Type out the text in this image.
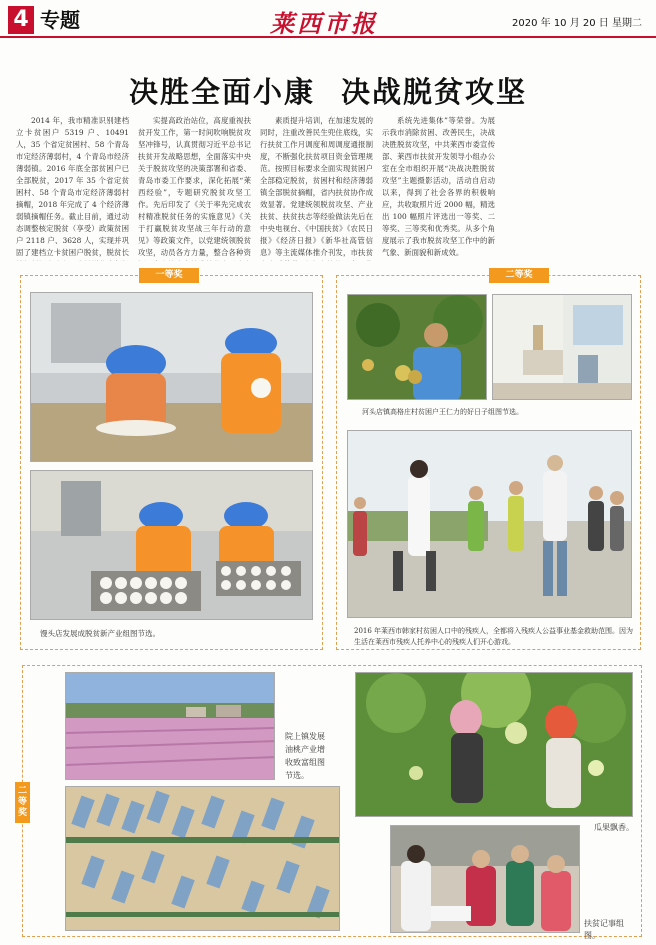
4 专题	莱西市报	2020 年 10 月 20 日 星期二
决胜全面小康 决战脱贫攻坚
2014 年，我市精准识别建档立卡贫困户 5319 户、10491 人，35 个省定贫困村、58 个青岛市定经济薄弱村，4 个青岛市经济薄弱镇。2016 年底全部贫困户已全部脱贫，2017 年 35 个省定贫困村、58 个青岛市定经济薄弱村摘帽，2018 年完成了 4 个经济薄弱镇摘帽任务。截止目前，通过动态调整核定脱贫（享受）政策贫困户 2118 户、3628 人，实现并巩固了建档立卡贫困户脱贫，脱贫长
实提高政治站位，高度重视扶贫开发工作，第一时间吹响脱贫攻坚冲锋号，认真贯彻习近平总书记扶贫开发战略思想，全面落实中央关于脱贫攻坚的决策部署和省委、青岛市委工作要求，深化拓展“莱西经验”，专题研究脱贫攻坚工作。先后印发了《关于率先完成农村精准脱贫任务的实施意见》《关于打赢脱贫攻坚战三年行动的意见》等政策文件，以党建统领脱贫攻坚，动员各方力量，整合各种资
素质提升培训，在加速发展的同时，注重改善民生兜住底线，实行扶贫工作月调度和周调度通报制度，不断强化扶贫项目资金管理规范。按照目标要求全面实现贫困户全部稳定脱贫，贫困村和经济薄弱镇全部脱贫摘帽，省内扶贫协作成效显著。党建统领脱贫攻坚、产业扶贫、扶贫扶志等经验做法先后在中央电视台、《中国扶贫》《农民日报》《经济日报》《新华社高管信息》等主流媒体推介刊发，市扶贫
系统先进集体”等荣誉。为展示我市消除贫困、改善民生，决战决胜脱贫攻坚，中共莱西市委宣传部、莱西市扶贫开发领导小组办公室在全市组织开展“决战决胜脱贫攻坚”主题摄影活动，活动自启动以来，得到了社会各界的积极响应，共收取照片近 2000 幅，精选出 100 幅照片评选出一等奖、二等奖、三等奖和优秀奖。从多个角度展示了我市脱贫攻坚工作中的新气象、新面貌和新成效。
一等奖
馒头店发展成脱贫新产业组图节选。
二等奖
河头店镇高格庄村贫困户王仁力的好日子组图节选。
2016 年莱西市韩家村贫困人口中的残疾人，全都将入残疾人公益事业基金救助范围。因为生活在莱西市残疾人托养中心的残疾人们开心游戏。
二等奖
院上镇发展油桃产业增收致富组图节选。
瓜果飘香。
扶贫记事组图。
